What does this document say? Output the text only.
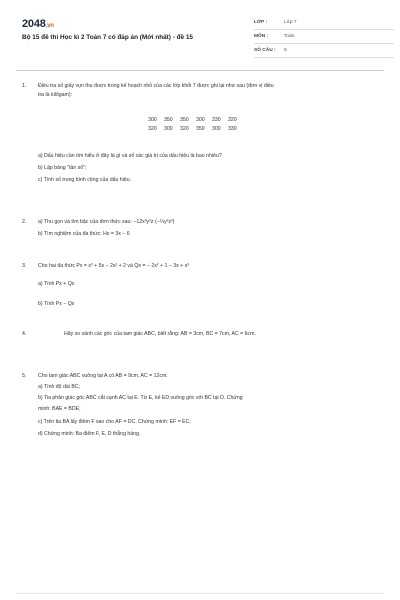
2048.vn
Bộ 15 đề thi Học kì 2 Toán 7 có đáp án (Mới nhất) - đề 15
LỚP :	Lớp 7
MÔN :	Toán
SỐ CÂU :	5
1.	Điều tra số giấy vụn thu được trong kế hoạch nhỏ của các lớp khối 7 được ghi lại như sau (đơn vị điều
tra là kilôgam):
300	350	350	300	330	320
320	300	320	350	300	330
a) Dấu hiệu cần tìm hiểu ở đây là gì và số các giá trị của dấu hiệu là bao nhiêu?
b) Lập bảng "tần số";
c) Tính số trung bình cộng của dấu hiệu.
2.	a) Thu gọn và tìm bậc của đơn thức sau: −12x³y²z·(−¼y²z³)
b) Tìm nghiệm của đa thức: Hx = 3x − 6
3.	Cho hai đa thức Px = x³ + 5x − 2x² + 2 và Qx = − 2x² + 1 − 3x + x³
a) Tính Px + Qx
b) Tính Px − Qx
4.	Hãy so sánh các góc của tam giác ABC, biết rằng: AB = 3cm, BC = 7cm, AC = 6cm.
5.	Cho tam giác ABC vuông tại A có AB = 9cm, AC = 12cm.
a) Tính độ dài BC;
b) Tia phân giác góc ABC cắt cạnh AC tại E. Từ E, kẻ ED vuông góc với BC tại D. Chứng
minh: BAE = BDE;
c) Trên tia BA lấy điểm F sao cho AF = DC. Chứng minh: EF = EC;
d) Chứng minh: Ba điểm F, E, D thẳng hàng.
